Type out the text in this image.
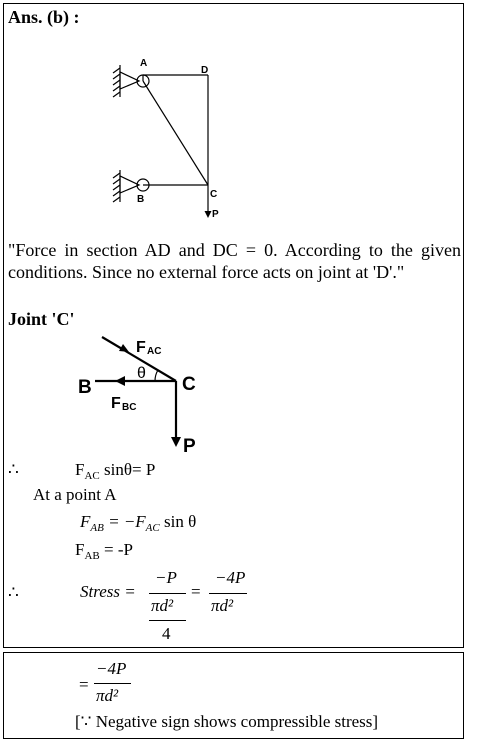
Ans. (b) :
A
D
B	C
P
"Force in section AD and DC = 0. According to the given conditions. Since no external force acts on joint at 'D'."
Joint 'C'
F AC
F BC
θ
B	C
P
∴	$F_{AC}$ sinθ= P
At a point A
$F_{AB} = -F_{AC}$ sin θ
$F_{AB} = -P$
∴	Stress =
−P
πd²
4
=
−4P
πd²
=
−4P
πd²
[∵ Negative sign shows compressible stress]
